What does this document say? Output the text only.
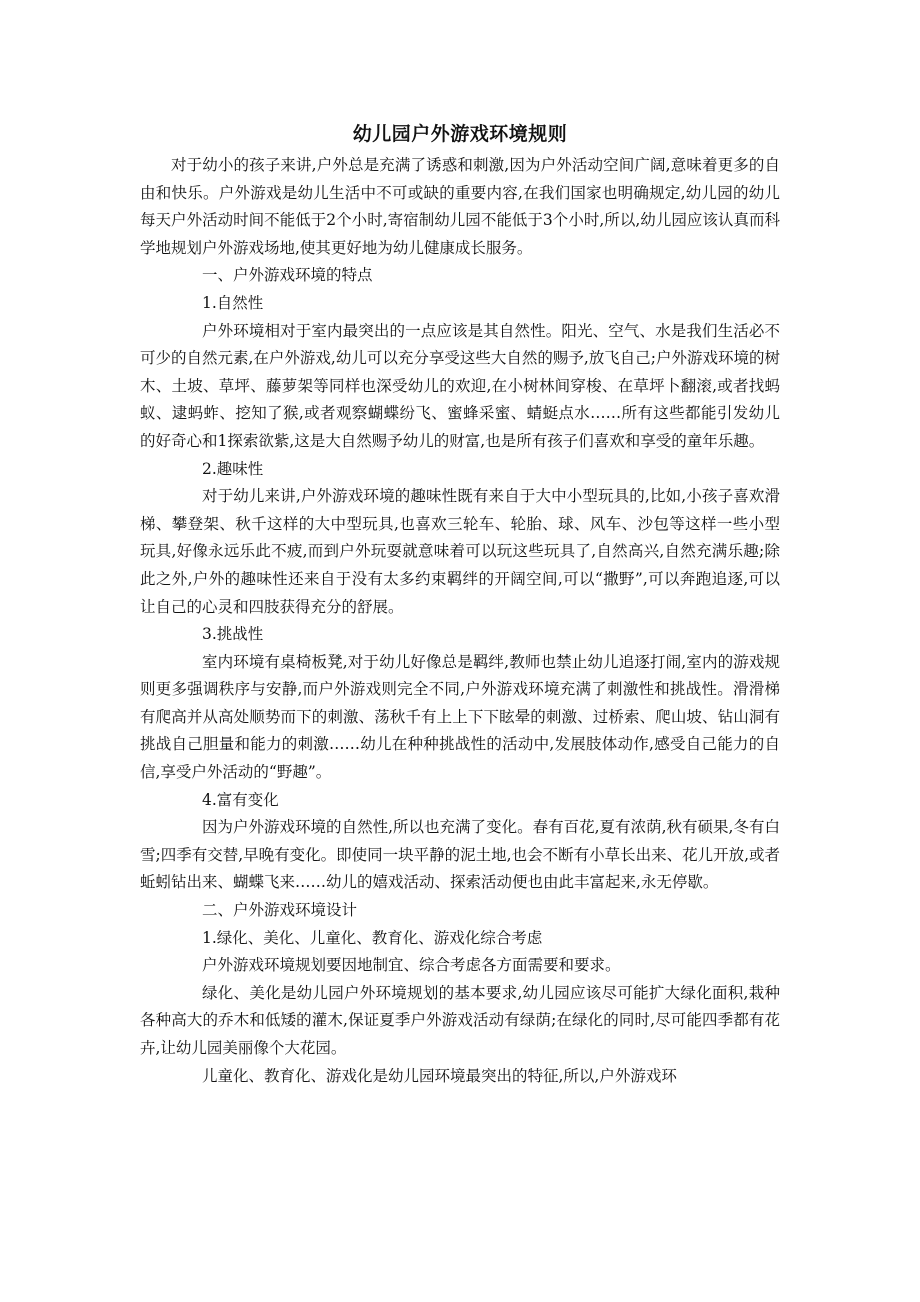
幼儿园户外游戏环境规则

对于幼小的孩子来讲,户外总是充满了诱惑和刺激,因为户外活动空间广阔,意味着更多的自由和快乐。户外游戏是幼儿生活中不可或缺的重要内容,在我们国家也明确规定,幼儿园的幼儿每天户外活动时间不能低于2个小时,寄宿制幼儿园不能低于3个小时,所以,幼儿园应该认真而科学地规划户外游戏场地,使其更好地为幼儿健康成长服务。

一、户外游戏环境的特点

1.自然性

户外环境相对于室内最突出的一点应该是其自然性。阳光、空气、水是我们生活必不可少的自然元素,在户外游戏,幼儿可以充分享受这些大自然的赐予,放飞自己;户外游戏环境的树木、土坡、草坪、藤萝架等同样也深受幼儿的欢迎,在小树林间穿梭、在草坪卜翻滚,或者找蚂蚁、逮蚂蚱、挖知了猴,或者观察蝴蝶纷飞、蜜蜂采蜜、蜻蜓点水……所有这些都能引发幼儿的好奇心和1探索欲紫,这是大自然赐予幼儿的财富,也是所有孩子们喜欢和享受的童年乐趣。

2.趣味性

对于幼儿来讲,户外游戏环境的趣味性既有来自于大中小型玩具的,比如,小孩子喜欢滑梯、攀登架、秋千这样的大中型玩具,也喜欢三轮车、轮胎、球、风车、沙包等这样一些小型玩具,好像永远乐此不疲,而到户外玩耍就意味着可以玩这些玩具了,自然高兴,自然充满乐趣;除此之外,户外的趣味性还来自于没有太多约束羁绊的开阔空间,可以“撒野”,可以奔跑追逐,可以让自己的心灵和四肢获得充分的舒展。

3.挑战性

室内环境有桌椅板凳,对于幼儿好像总是羁绊,教师也禁止幼儿追逐打闹,室内的游戏规则更多强调秩序与安静,而户外游戏则完全不同,户外游戏环境充满了刺激性和挑战性。滑滑梯有爬高并从高处顺势而下的刺激、荡秋千有上上下下眩晕的刺激、过桥索、爬山坡、钻山洞有挑战自己胆量和能力的刺激……幼儿在种种挑战性的活动中,发展肢体动作,感受自己能力的自信,享受户外活动的“野趣”。

4.富有变化

因为户外游戏环境的自然性,所以也充满了变化。春有百花,夏有浓荫,秋有硕果,冬有白雪;四季有交替,早晚有变化。即使同一块平静的泥土地,也会不断有小草长出来、花儿开放,或者蚯蚓钻出来、蝴蝶飞来……幼儿的嬉戏活动、探索活动便也由此丰富起来,永无停歇。

二、户外游戏环境设计

1.绿化、美化、儿童化、教育化、游戏化综合考虑

户外游戏环境规划要因地制宜、综合考虑各方面需要和要求。

绿化、美化是幼儿园户外环境规划的基本要求,幼儿园应该尽可能扩大绿化面积,栽种各种高大的乔木和低矮的灌木,保证夏季户外游戏活动有绿荫;在绿化的同时,尽可能四季都有花卉,让幼儿园美丽像个大花园。

儿童化、教育化、游戏化是幼儿园环境最突出的特征,所以,户外游戏环
